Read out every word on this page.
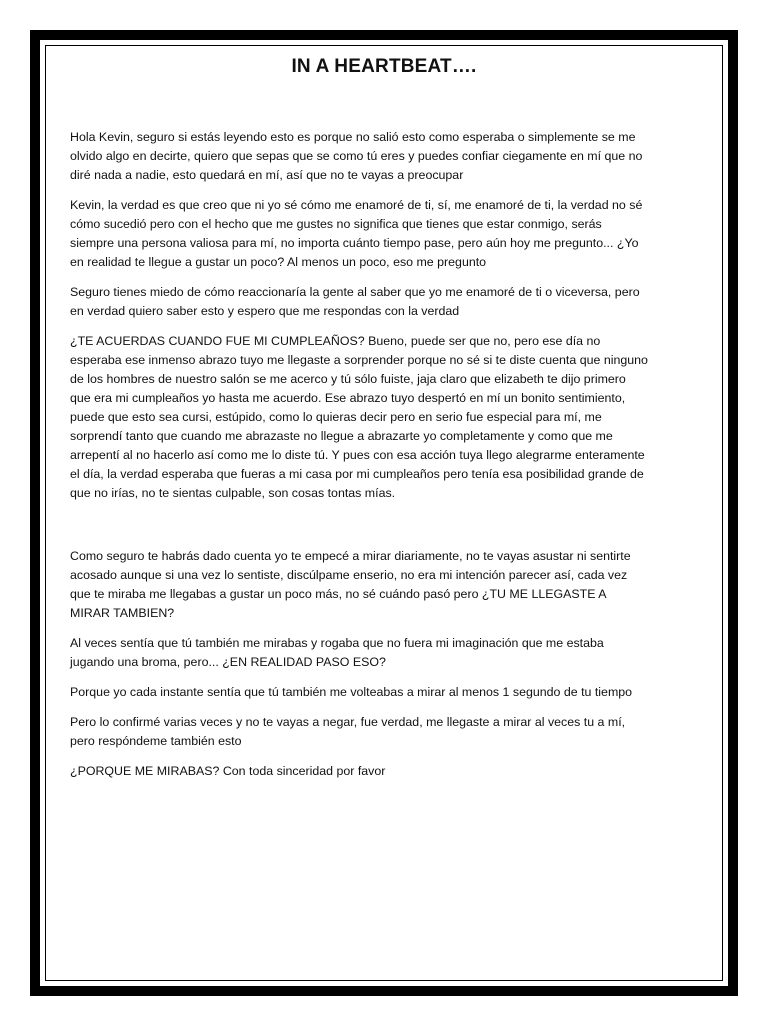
IN A HEARTBEAT….

Hola Kevin, seguro si estás leyendo esto es porque no salió esto como esperaba o simplemente se me olvido algo en decirte, quiero que sepas que se como tú eres y puedes confiar ciegamente en mí que no diré nada a nadie, esto quedará en mí, así que no te vayas a preocupar

Kevin, la verdad es que creo que ni yo sé cómo me enamoré de ti, sí, me enamoré de ti, la verdad no sé cómo sucedió pero con el hecho que me gustes no significa que tienes que estar conmigo, serás siempre una persona valiosa para mí, no importa cuánto tiempo pase, pero aún hoy me pregunto... ¿Yo en realidad te llegue a gustar un poco? Al menos un poco, eso me pregunto

Seguro tienes miedo de cómo reaccionaría la gente al saber que yo me enamoré de ti o viceversa, pero en verdad quiero saber esto y espero que me respondas con la verdad

¿TE ACUERDAS CUANDO FUE MI CUMPLEAÑOS? Bueno, puede ser que no, pero ese día no esperaba ese inmenso abrazo tuyo me llegaste a sorprender porque no sé si te diste cuenta que ninguno de los hombres de nuestro salón se me acerco y tú sólo fuiste, jaja claro que elizabeth te dijo primero que era mi cumpleaños yo hasta me acuerdo. Ese abrazo tuyo despertó en mí un bonito sentimiento, puede que esto sea cursi, estúpido, como lo quieras decir pero en serio fue especial para mí, me sorprendí tanto que cuando me abrazaste no llegue a abrazarte yo completamente y como que me arrepentí al no hacerlo así como me lo diste tú. Y pues con esa acción tuya llego alegrarme enteramente el día, la verdad esperaba que fueras a mi casa por mi cumpleaños pero tenía esa posibilidad grande de que no irías, no te sientas culpable, son cosas tontas mías.

Como seguro te habrás dado cuenta yo te empecé a mirar diariamente, no te vayas asustar ni sentirte acosado aunque si una vez lo sentiste, discúlpame enserio, no era mi intención parecer así, cada vez que te miraba me llegabas a gustar un poco más, no sé cuándo pasó pero ¿TU ME LLEGASTE A MIRAR TAMBIEN?

Al veces sentía que tú también me mirabas y rogaba que no fuera mi imaginación que me estaba jugando una broma, pero... ¿EN REALIDAD PASO ESO?

Porque yo cada instante sentía que tú también me volteabas a mirar al menos 1 segundo de tu tiempo

Pero lo confirmé varias veces y no te vayas a negar, fue verdad, me llegaste a mirar al veces tu a mí, pero respóndeme también esto

¿PORQUE ME MIRABAS? Con toda sinceridad por favor
